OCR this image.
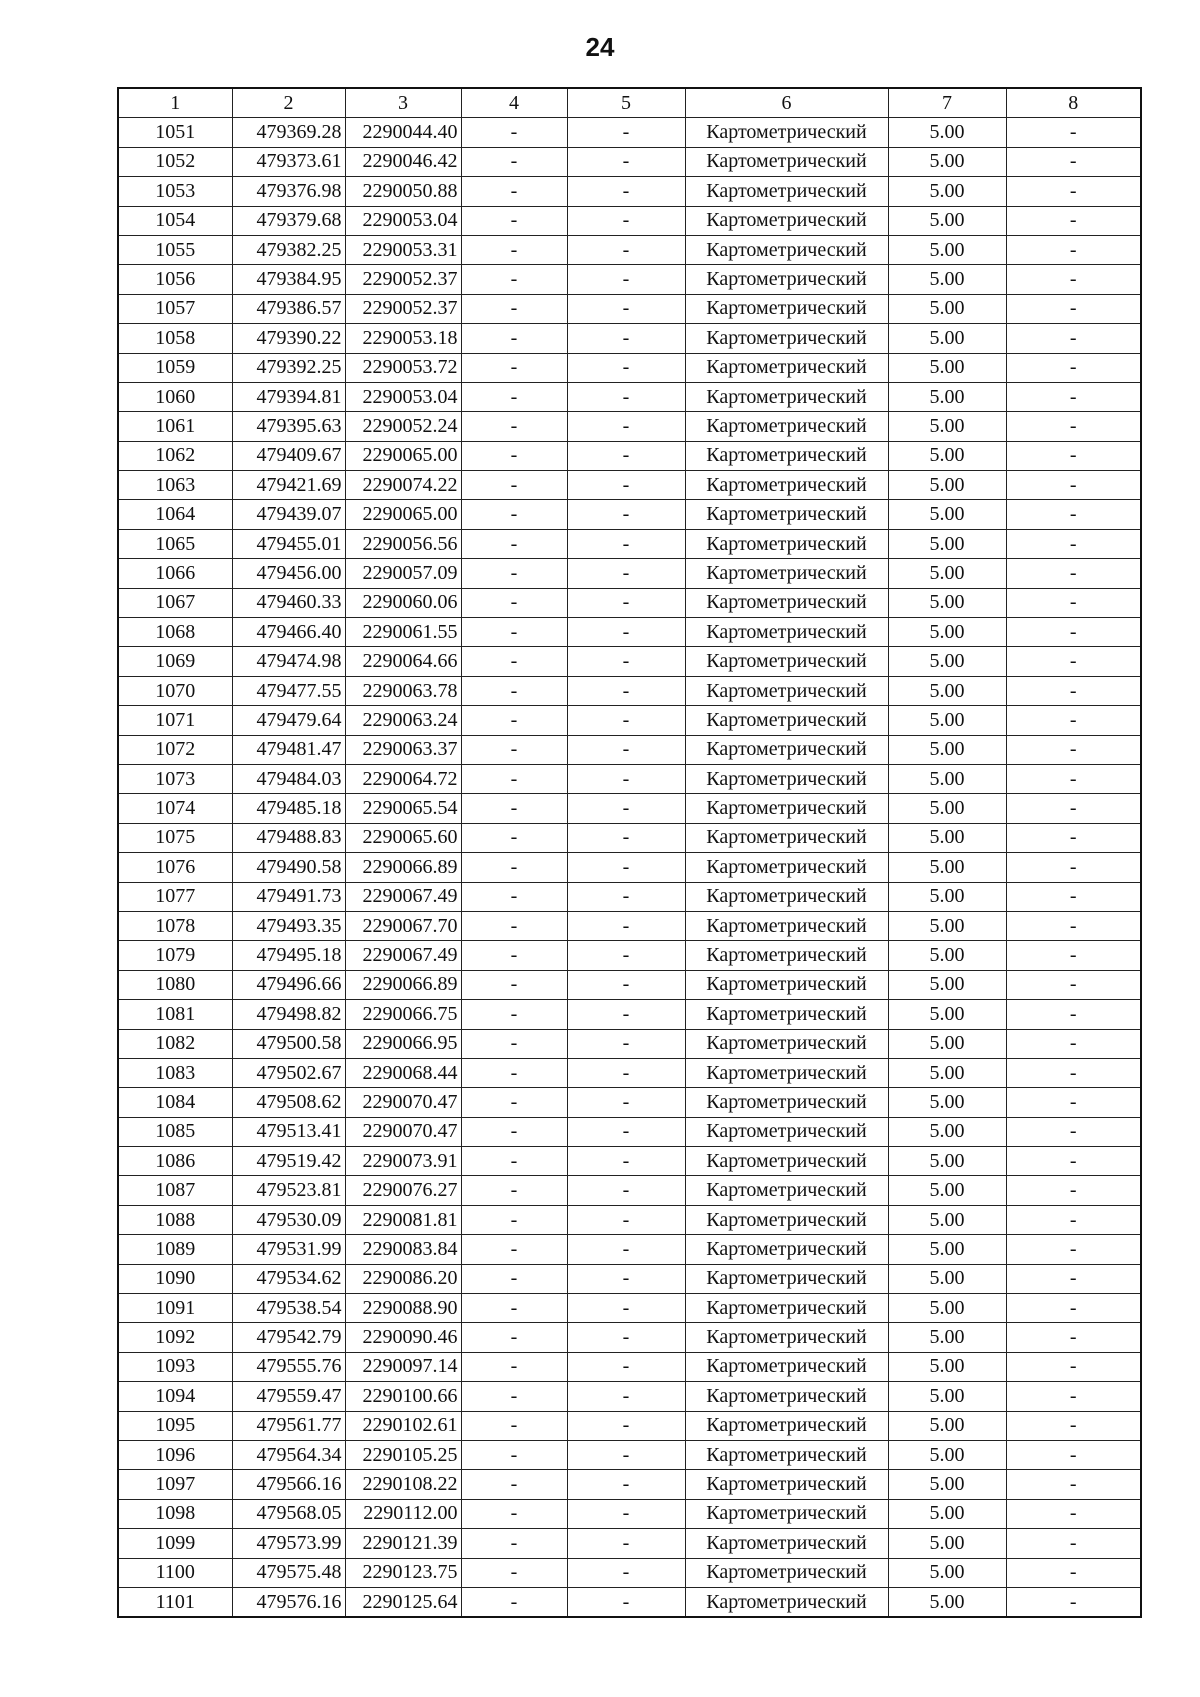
24
1	2	3	4	5	6	7	8
1051	479369.28	2290044.40	-	-	Картометрический	5.00	-
1052	479373.61	2290046.42	-	-	Картометрический	5.00	-
1053	479376.98	2290050.88	-	-	Картометрический	5.00	-
1054	479379.68	2290053.04	-	-	Картометрический	5.00	-
1055	479382.25	2290053.31	-	-	Картометрический	5.00	-
1056	479384.95	2290052.37	-	-	Картометрический	5.00	-
1057	479386.57	2290052.37	-	-	Картометрический	5.00	-
1058	479390.22	2290053.18	-	-	Картометрический	5.00	-
1059	479392.25	2290053.72	-	-	Картометрический	5.00	-
1060	479394.81	2290053.04	-	-	Картометрический	5.00	-
1061	479395.63	2290052.24	-	-	Картометрический	5.00	-
1062	479409.67	2290065.00	-	-	Картометрический	5.00	-
1063	479421.69	2290074.22	-	-	Картометрический	5.00	-
1064	479439.07	2290065.00	-	-	Картометрический	5.00	-
1065	479455.01	2290056.56	-	-	Картометрический	5.00	-
1066	479456.00	2290057.09	-	-	Картометрический	5.00	-
1067	479460.33	2290060.06	-	-	Картометрический	5.00	-
1068	479466.40	2290061.55	-	-	Картометрический	5.00	-
1069	479474.98	2290064.66	-	-	Картометрический	5.00	-
1070	479477.55	2290063.78	-	-	Картометрический	5.00	-
1071	479479.64	2290063.24	-	-	Картометрический	5.00	-
1072	479481.47	2290063.37	-	-	Картометрический	5.00	-
1073	479484.03	2290064.72	-	-	Картометрический	5.00	-
1074	479485.18	2290065.54	-	-	Картометрический	5.00	-
1075	479488.83	2290065.60	-	-	Картометрический	5.00	-
1076	479490.58	2290066.89	-	-	Картометрический	5.00	-
1077	479491.73	2290067.49	-	-	Картометрический	5.00	-
1078	479493.35	2290067.70	-	-	Картометрический	5.00	-
1079	479495.18	2290067.49	-	-	Картометрический	5.00	-
1080	479496.66	2290066.89	-	-	Картометрический	5.00	-
1081	479498.82	2290066.75	-	-	Картометрический	5.00	-
1082	479500.58	2290066.95	-	-	Картометрический	5.00	-
1083	479502.67	2290068.44	-	-	Картометрический	5.00	-
1084	479508.62	2290070.47	-	-	Картометрический	5.00	-
1085	479513.41	2290070.47	-	-	Картометрический	5.00	-
1086	479519.42	2290073.91	-	-	Картометрический	5.00	-
1087	479523.81	2290076.27	-	-	Картометрический	5.00	-
1088	479530.09	2290081.81	-	-	Картометрический	5.00	-
1089	479531.99	2290083.84	-	-	Картометрический	5.00	-
1090	479534.62	2290086.20	-	-	Картометрический	5.00	-
1091	479538.54	2290088.90	-	-	Картометрический	5.00	-
1092	479542.79	2290090.46	-	-	Картометрический	5.00	-
1093	479555.76	2290097.14	-	-	Картометрический	5.00	-
1094	479559.47	2290100.66	-	-	Картометрический	5.00	-
1095	479561.77	2290102.61	-	-	Картометрический	5.00	-
1096	479564.34	2290105.25	-	-	Картометрический	5.00	-
1097	479566.16	2290108.22	-	-	Картометрический	5.00	-
1098	479568.05	2290112.00	-	-	Картометрический	5.00	-
1099	479573.99	2290121.39	-	-	Картометрический	5.00	-
1100	479575.48	2290123.75	-	-	Картометрический	5.00	-
1101	479576.16	2290125.64	-	-	Картометрический	5.00	-
